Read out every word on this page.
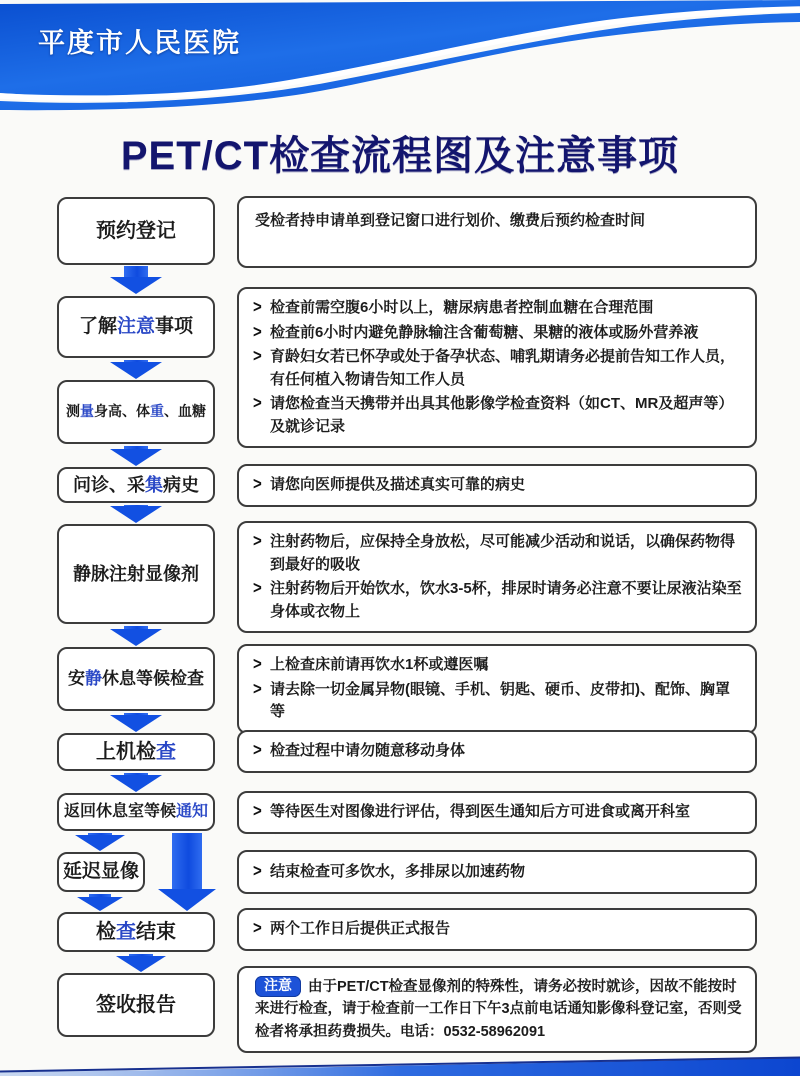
平度市人民医院
PET/CT检查流程图及注意事项
预约登记
了解注意事项
测量身高、体重、血糖
问诊、采集病史
静脉注射显像剂
安静休息等候检查
上机检查
返回休息室等候通知
延迟显像
检查结束
签收报告
受检者持申请单到登记窗口进行划价、缴费后预约检查时间
> 检查前需空腹6小时以上，糖尿病患者控制血糖在合理范围
> 检查前6小时内避免静脉输注含葡萄糖、果糖的液体或肠外营养液
> 育龄妇女若已怀孕或处于备孕状态、哺乳期请务必提前告知工作人员，有任何植入物请告知工作人员
> 请您检查当天携带并出具其他影像学检查资料（如CT、MR及超声等）及就诊记录
> 请您向医师提供及描述真实可靠的病史
> 注射药物后，应保持全身放松，尽可能减少活动和说话，以确保药物得到最好的吸收
> 注射药物后开始饮水，饮水3-5杯，排尿时请务必注意不要让尿液沾染至身体或衣物上
> 上检查床前请再饮水1杯或遵医嘱
> 请去除一切金属异物(眼镜、手机、钥匙、硬币、皮带扣)、配饰、胸罩等
> 检查过程中请勿随意移动身体
> 等待医生对图像进行评估，得到医生通知后方可进食或离开科室
> 结束检查可多饮水，多排尿以加速药物
> 两个工作日后提供正式报告
注意 由于PET/CT检查显像剂的特殊性，请务必按时就诊，因故不能按时来进行检查，请于检查前一工作日下午3点前电话通知影像科登记室，否则受检者将承担药费损失。电话：0532-58962091
